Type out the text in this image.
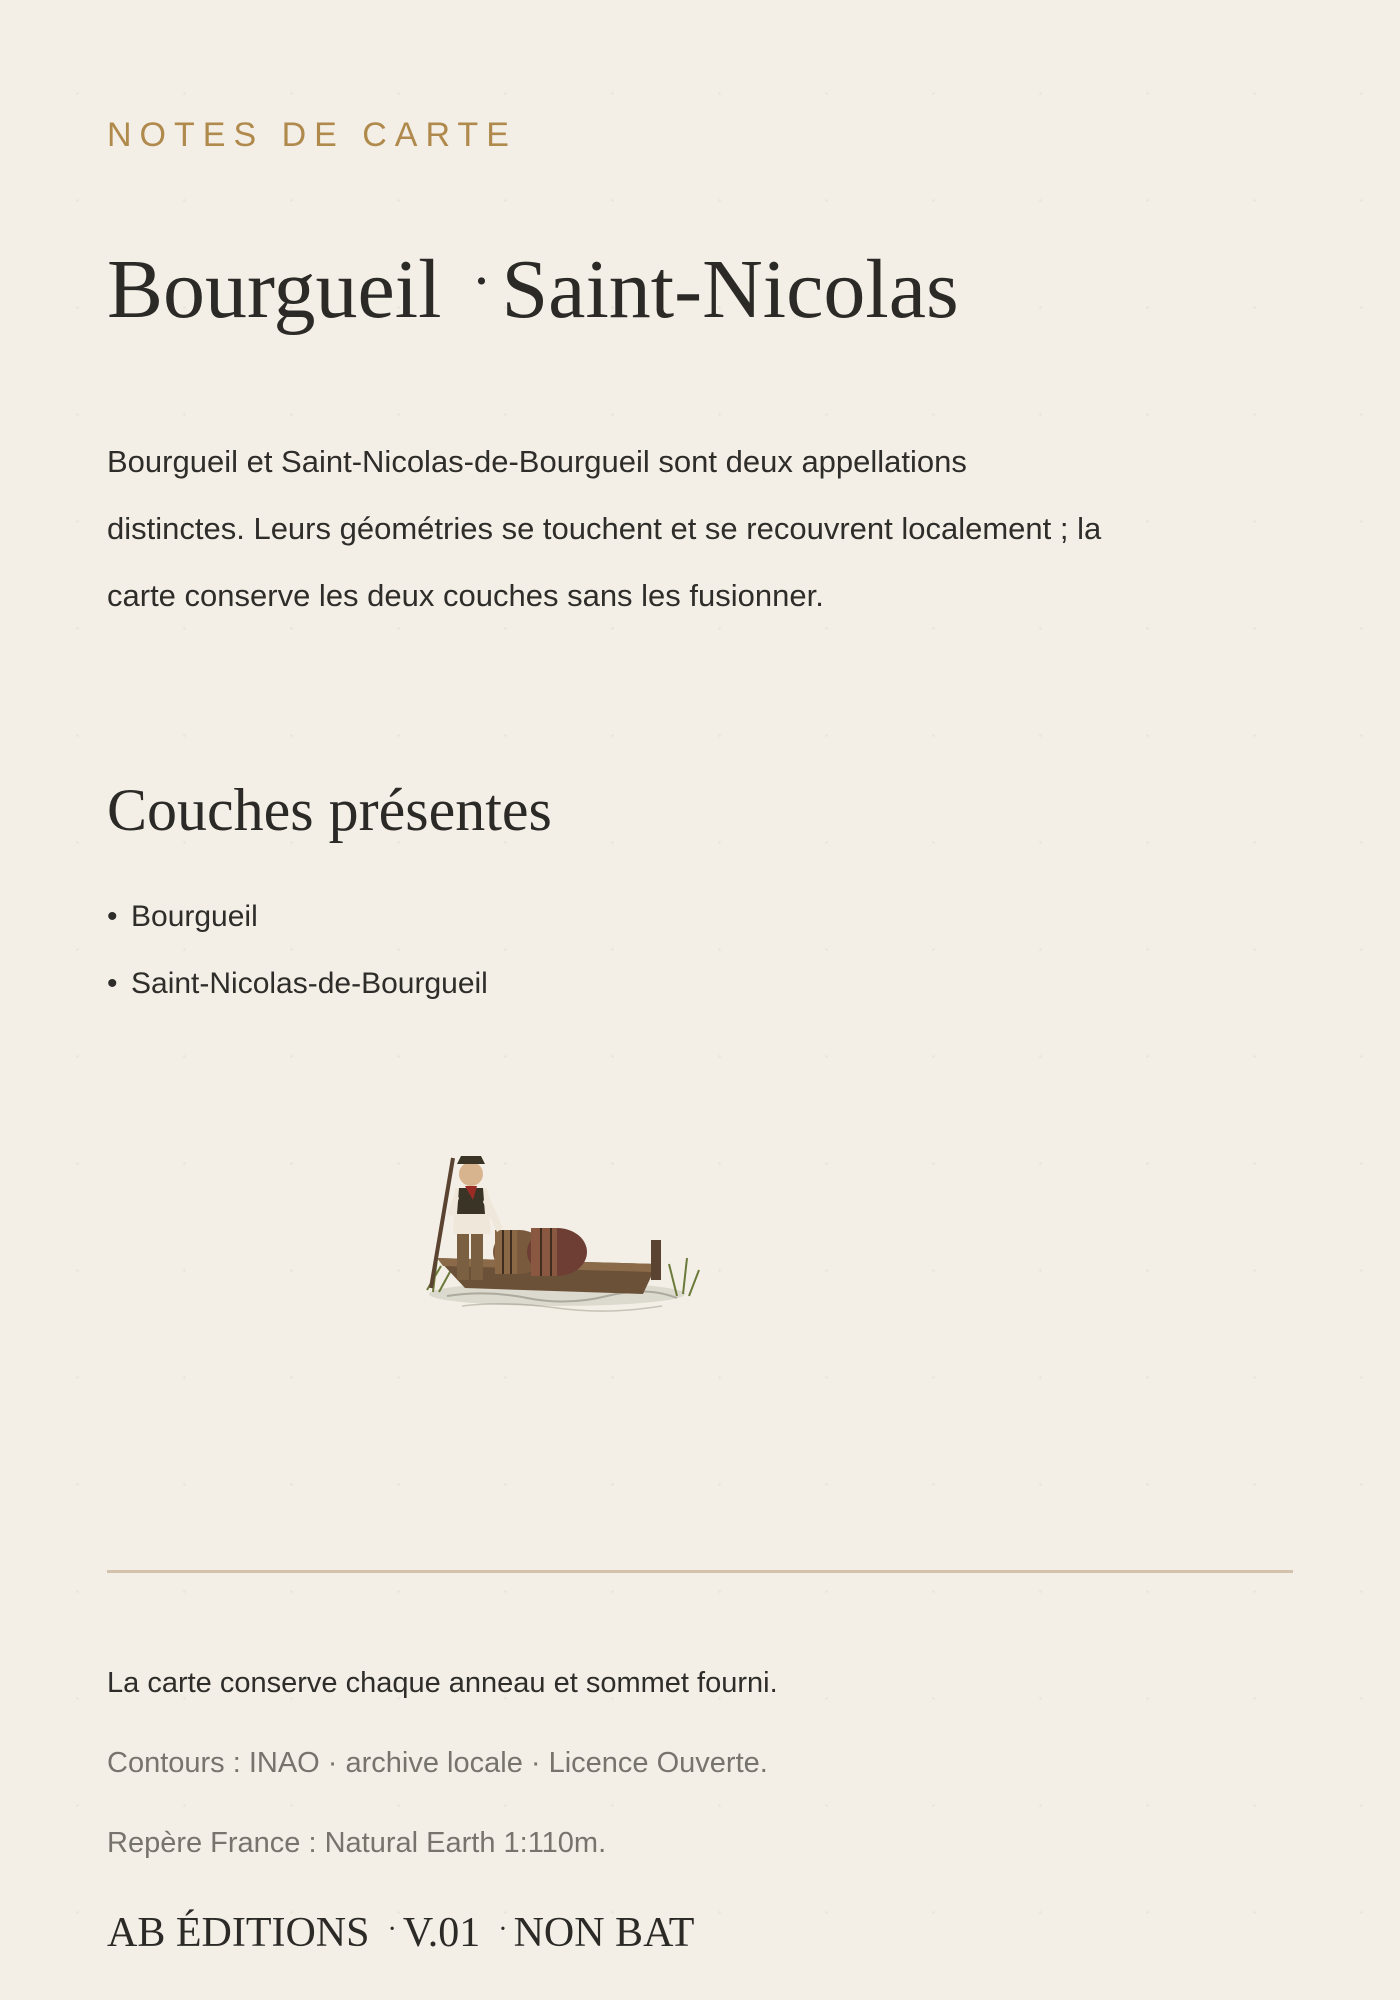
NOTES DE CARTE

Bourgueil · Saint-Nicolas

Bourgueil et Saint-Nicolas-de-Bourgueil sont deux appellations distinctes. Leurs géométries se touchent et se recouvrent localement ; la carte conserve les deux couches sans les fusionner.

Couches présentes
• Bourgueil
• Saint-Nicolas-de-Bourgueil

La carte conserve chaque anneau et sommet fourni.

Contours : INAO · archive locale · Licence Ouverte.

Repère France : Natural Earth 1:110m.

AB ÉDITIONS · V.01 · NON BAT
